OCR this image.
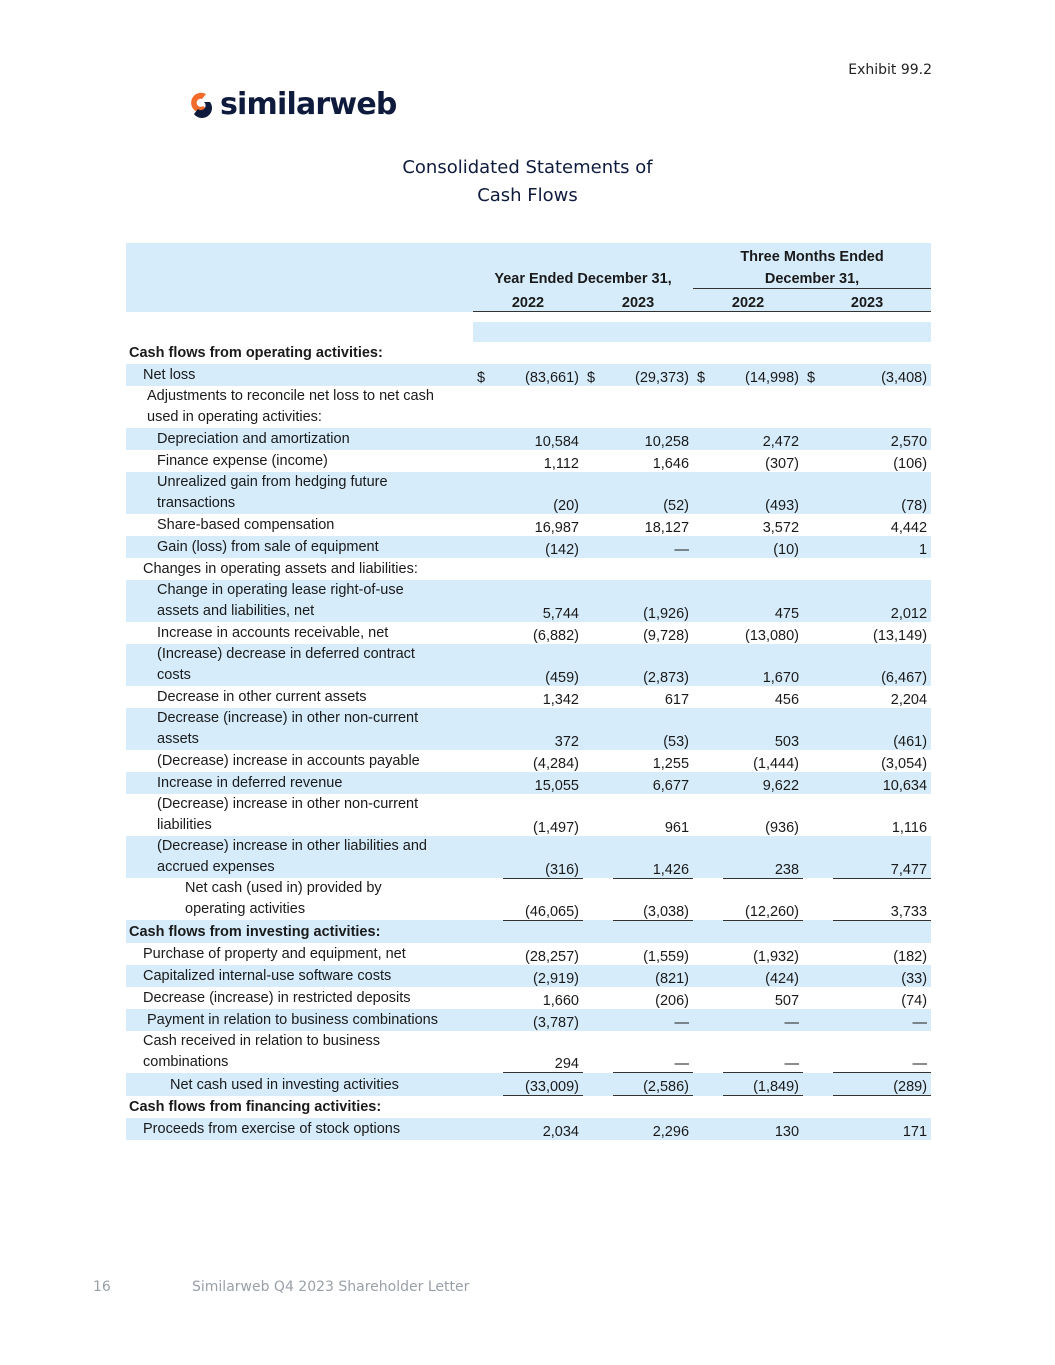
Exhibit 99.2
similarweb
Consolidated Statements of
Cash Flows
	Year Ended December 31,				Three Months Ended			
					December 31,			
	2022		2023		2022		2023	

Cash flows from operating activities:								
Net loss	$	(83,661)	$	(29,373)	$	(14,998)	$	(3,408)
Adjustments to reconcile net loss to net cash used in operating activities:								
Depreciation and amortization		10,584		10,258		2,472		2,570
Finance expense (income)		1,112		1,646		(307)		(106)
Unrealized gain from hedging future transactions		(20)		(52)		(493)		(78)
Share-based compensation		16,987		18,127		3,572		4,442
Gain (loss) from sale of equipment		(142)		—		(10)		1
Changes in operating assets and liabilities:								
Change in operating lease right-of-use assets and liabilities, net		5,744		(1,926)		475		2,012
Increase in accounts receivable, net		(6,882)		(9,728)		(13,080)		(13,149)
(Increase) decrease in deferred contract costs		(459)		(2,873)		1,670		(6,467)
Decrease in other current assets		1,342		617		456		2,204
Decrease (increase) in other non-current assets		372		(53)		503		(461)
(Decrease) increase in accounts payable		(4,284)		1,255		(1,444)		(3,054)
Increase in deferred revenue		15,055		6,677		9,622		10,634
(Decrease) increase in other non-current liabilities		(1,497)		961		(936)		1,116
(Decrease) increase in other liabilities and accrued expenses		(316)		1,426		238		7,477
Net cash (used in) provided by operating activities		(46,065)		(3,038)		(12,260)		3,733
Cash flows from investing activities:								
Purchase of property and equipment, net		(28,257)		(1,559)		(1,932)		(182)
Capitalized internal-use software costs		(2,919)		(821)		(424)		(33)
Decrease (increase) in restricted deposits		1,660		(206)		507		(74)
Payment in relation to business combinations		(3,787)		—		—		—
Cash received in relation to business combinations		294		—		—		—
Net cash used in investing activities		(33,009)		(2,586)		(1,849)		(289)
Cash flows from financing activities:								
Proceeds from exercise of stock options		2,034		2,296		130		171
16	Similarweb Q4 2023 Shareholder Letter
